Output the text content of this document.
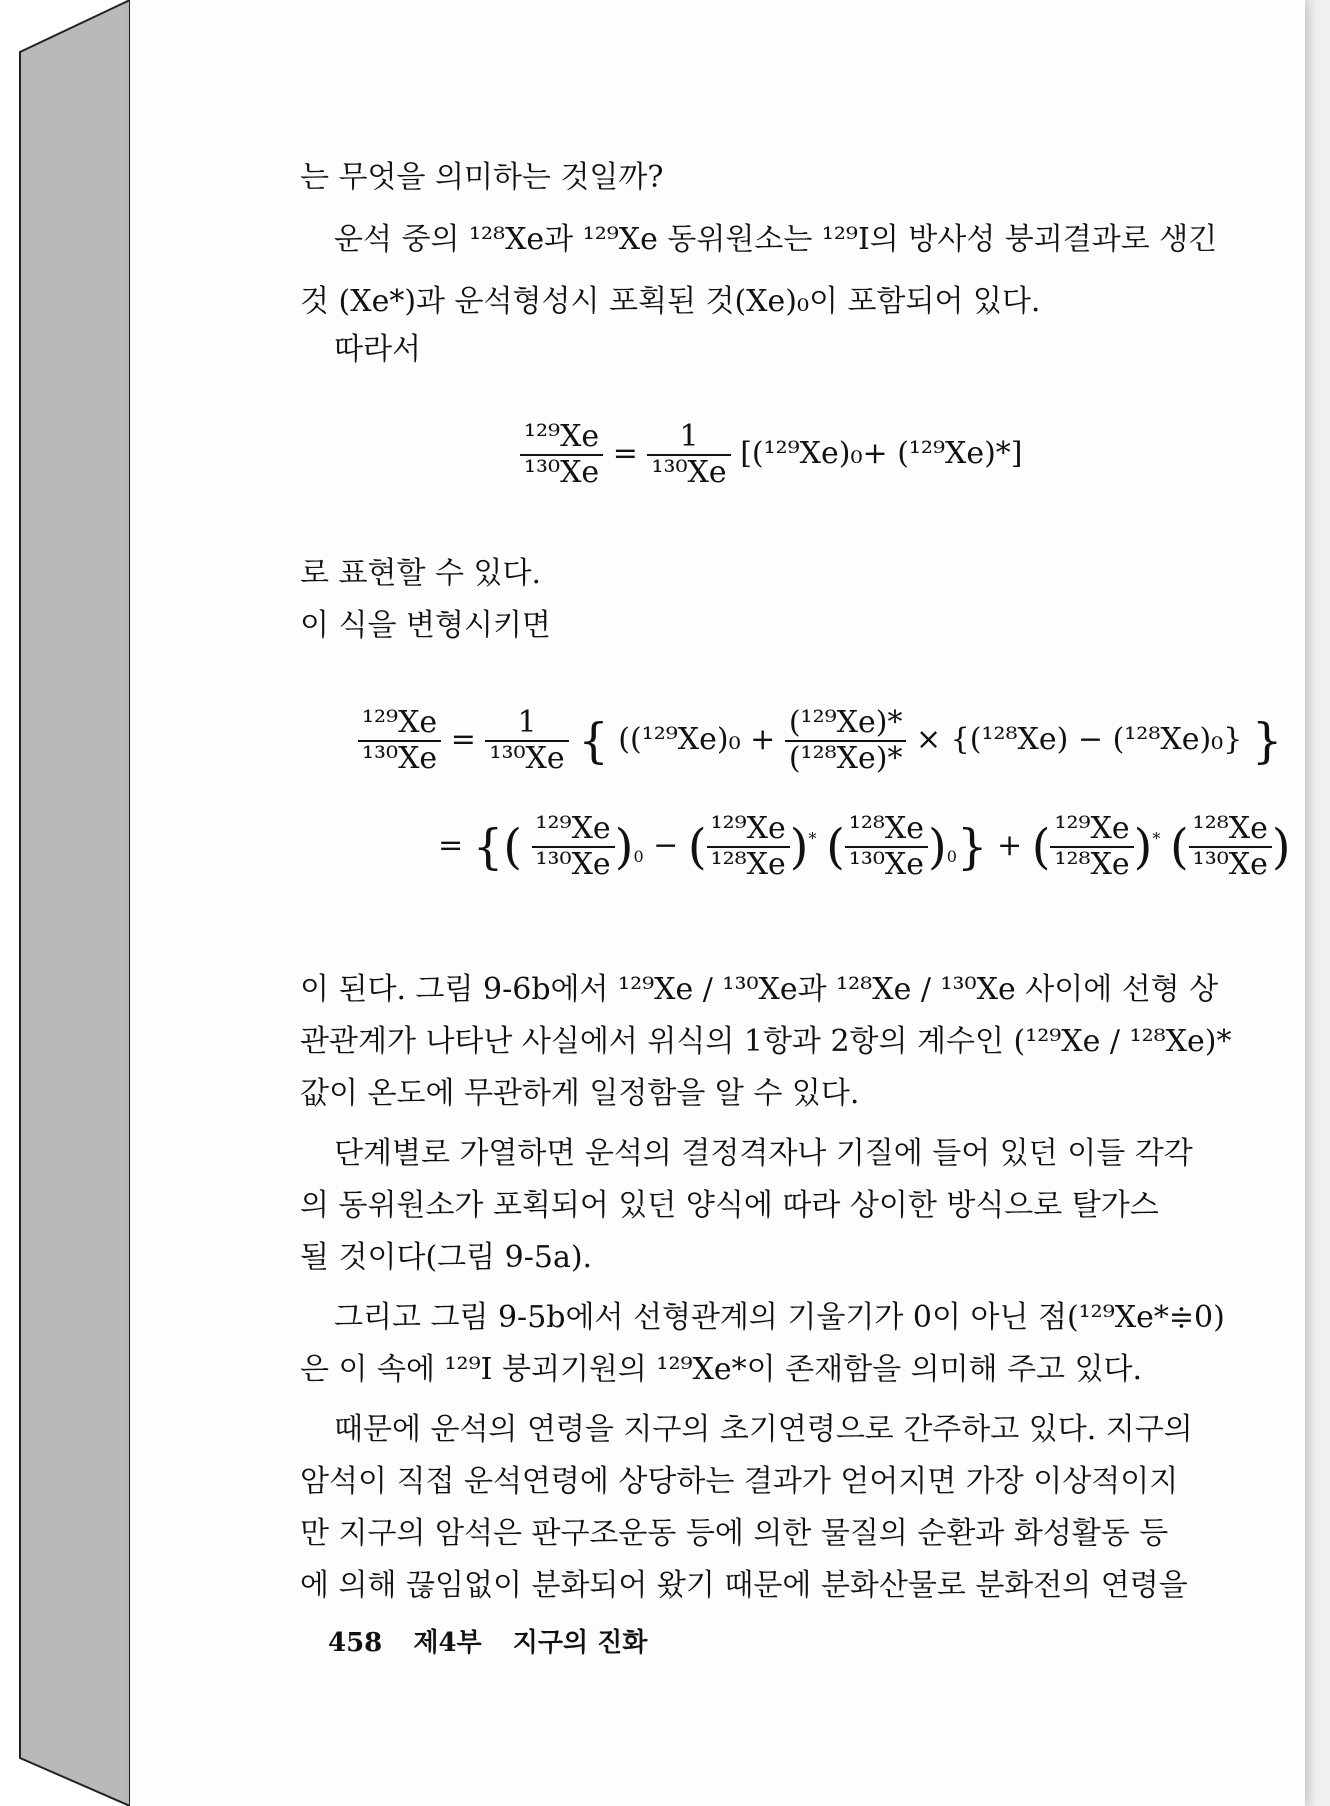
는 무엇을 의미하는 것일까?
운석 중의 ¹²⁸Xe과 ¹²⁹Xe 동위원소는 ¹²⁹I의 방사성 붕괴결과로 생긴
것 (Xe*)과 운석형성시 포획된 것(Xe)₀이 포함되어 있다.
따라서
$\frac{\text{¹²⁹Xe}}{\text{¹³⁰Xe}} = \frac{1}{\text{¹³⁰Xe}} [(^{129}Xe)_0+ (^{129}Xe)*]$
로 표현할 수 있다.
이 식을 변형시키면
$\frac{\text{¹²⁹Xe}}{\text{¹³⁰Xe}} = \frac{1}{\text{¹³⁰Xe}}$ { ($(^{129}Xe)_0 + \frac{\text{(¹²⁹Xe)*}}{\text{(¹²⁸Xe)*}} \times \{(^{128}Xe) - (^{128}Xe)_0\}$ }
= {( $\frac{\text{¹²⁹Xe}}{\text{¹³⁰Xe}} )_0$ − ( $\frac{\text{¹²⁹Xe}}{\text{¹²⁸Xe}} )^*$ ( $\frac{\text{¹²⁸Xe}}{\text{¹³⁰Xe}} )_0$} + ( $\frac{\text{¹²⁹Xe}}{\text{¹²⁸Xe}} )^*$ ( $\frac{\text{¹²⁸Xe}}{\text{¹³⁰Xe}}$ )
이 된다. 그림 9-6b에서 ¹²⁹Xe / ¹³⁰Xe과 ¹²⁸Xe / ¹³⁰Xe 사이에 선형 상
관관계가 나타난 사실에서 위식의 1항과 2항의 계수인 (¹²⁹Xe / ¹²⁸Xe)*
값이 온도에 무관하게 일정함을 알 수 있다.
단계별로 가열하면 운석의 결정격자나 기질에 들어 있던 이들 각각
의 동위원소가 포획되어 있던 양식에 따라 상이한 방식으로 탈가스
될 것이다(그림 9-5a).
그리고 그림 9-5b에서 선형관계의 기울기가 0이 아닌 점(¹²⁹Xe*≑0)
은 이 속에 ¹²⁹I 붕괴기원의 ¹²⁹Xe*이 존재함을 의미해 주고 있다.
때문에 운석의 연령을 지구의 초기연령으로 간주하고 있다. 지구의
암석이 직접 운석연령에 상당하는 결과가 얻어지면 가장 이상적이지
만 지구의 암석은 판구조운동 등에 의한 물질의 순환과 화성활동 등
에 의해 끊임없이 분화되어 왔기 때문에 분화산물로 분화전의 연령을
458 제4부 지구의 진화
